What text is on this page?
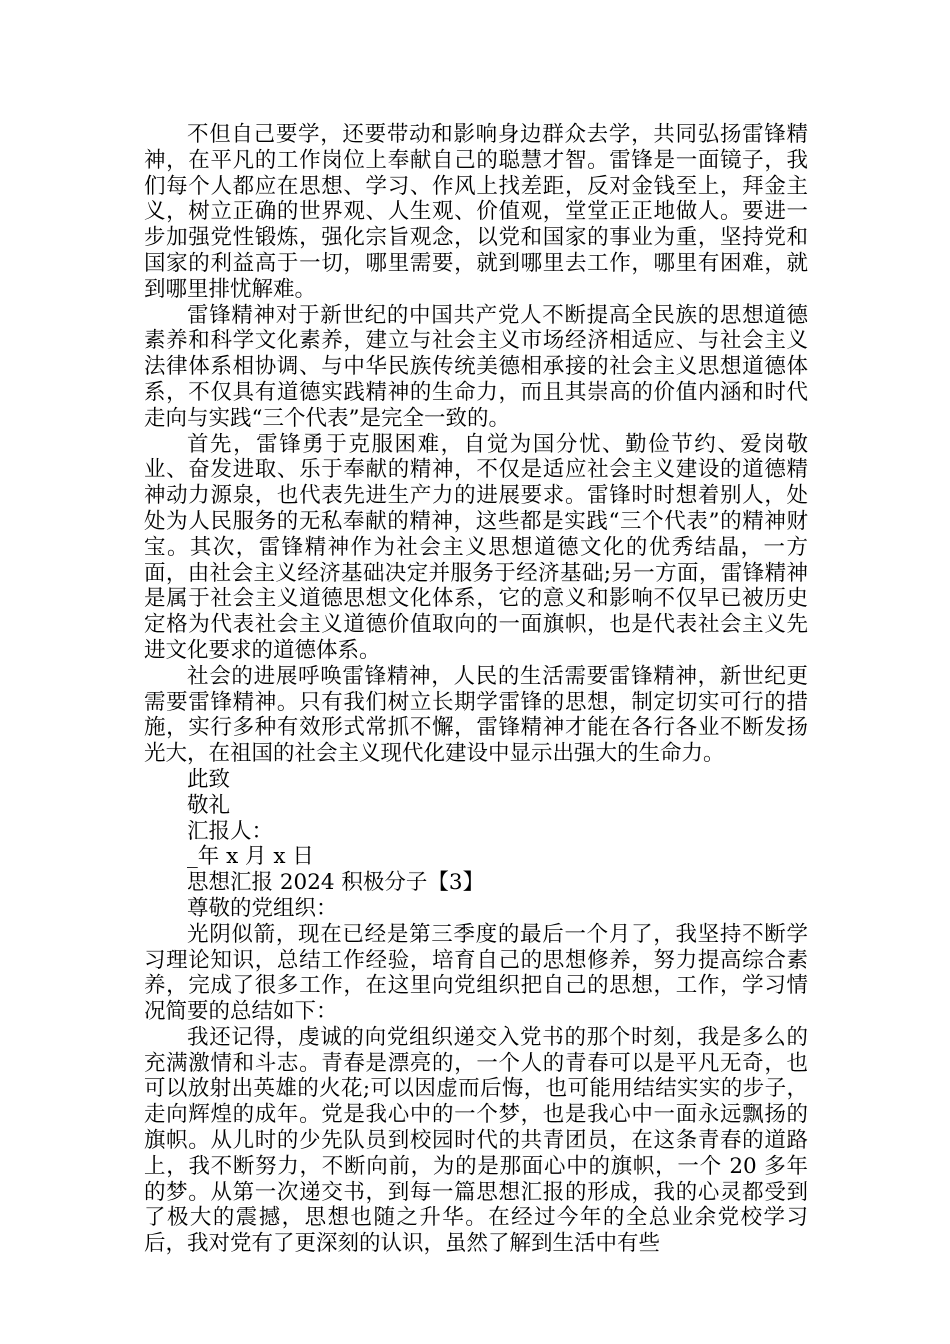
不但自己要学，还要带动和影响身边群众去学，共同弘扬雷锋精神，在平凡的工作岗位上奉献自己的聪慧才智。雷锋是一面镜子，我们每个人都应在思想、学习、作风上找差距，反对金钱至上，拜金主义，树立正确的世界观、人生观、价值观，堂堂正正地做人。要进一步加强党性锻炼，强化宗旨观念，以党和国家的事业为重，坚持党和国家的利益高于一切，哪里需要，就到哪里去工作，哪里有困难，就到哪里排忧解难。

雷锋精神对于新世纪的中国共产党人不断提高全民族的思想道德素养和科学文化素养，建立与社会主义市场经济相适应、与社会主义法律体系相协调、与中华民族传统美德相承接的社会主义思想道德体系，不仅具有道德实践精神的生命力，而且其崇高的价值内涵和时代走向与实践“三个代表”是完全一致的。

首先，雷锋勇于克服困难，自觉为国分忧、勤俭节约、爱岗敬业、奋发进取、乐于奉献的精神，不仅是适应社会主义建设的道德精神动力源泉，也代表先进生产力的进展要求。雷锋时时想着别人，处处为人民服务的无私奉献的精神，这些都是实践“三个代表”的精神财宝。其次，雷锋精神作为社会主义思想道德文化的优秀结晶，一方面，由社会主义经济基础决定并服务于经济基础;另一方面，雷锋精神是属于社会主义道德思想文化体系，它的意义和影响不仅早已被历史定格为代表社会主义道德价值取向的一面旗帜，也是代表社会主义先进文化要求的道德体系。

社会的进展呼唤雷锋精神，人民的生活需要雷锋精神，新世纪更需要雷锋精神。只有我们树立长期学雷锋的思想，制定切实可行的措施，实行多种有效形式常抓不懈，雷锋精神才能在各行各业不断发扬光大，在祖国的社会主义现代化建设中显示出强大的生命力。

此致

敬礼

汇报人：

_年 x 月 x 日

思想汇报 2024 积极分子【3】

尊敬的党组织：

光阴似箭，现在已经是第三季度的最后一个月了，我坚持不断学习理论知识，总结工作经验，培育自己的思想修养，努力提高综合素养，完成了很多工作，在这里向党组织把自己的思想，工作，学习情况简要的总结如下：

我还记得，虔诚的向党组织递交入党书的那个时刻，我是多么的充满激情和斗志。青春是漂亮的，一个人的青春可以是平凡无奇，也可以放射出英雄的火花;可以因虚而后悔，也可能用结结实实的步子，走向辉煌的成年。党是我心中的一个梦，也是我心中一面永远飘扬的旗帜。从儿时的少先队员到校园时代的共青团员，在这条青春的道路上，我不断努力，不断向前，为的是那面心中的旗帜，一个 20 多年的梦。从第一次递交书，到每一篇思想汇报的形成，我的心灵都受到了极大的震撼，思想也随之升华。在经过今年的全总业余党校学习后，我对党有了更深刻的认识，虽然了解到生活中有些
